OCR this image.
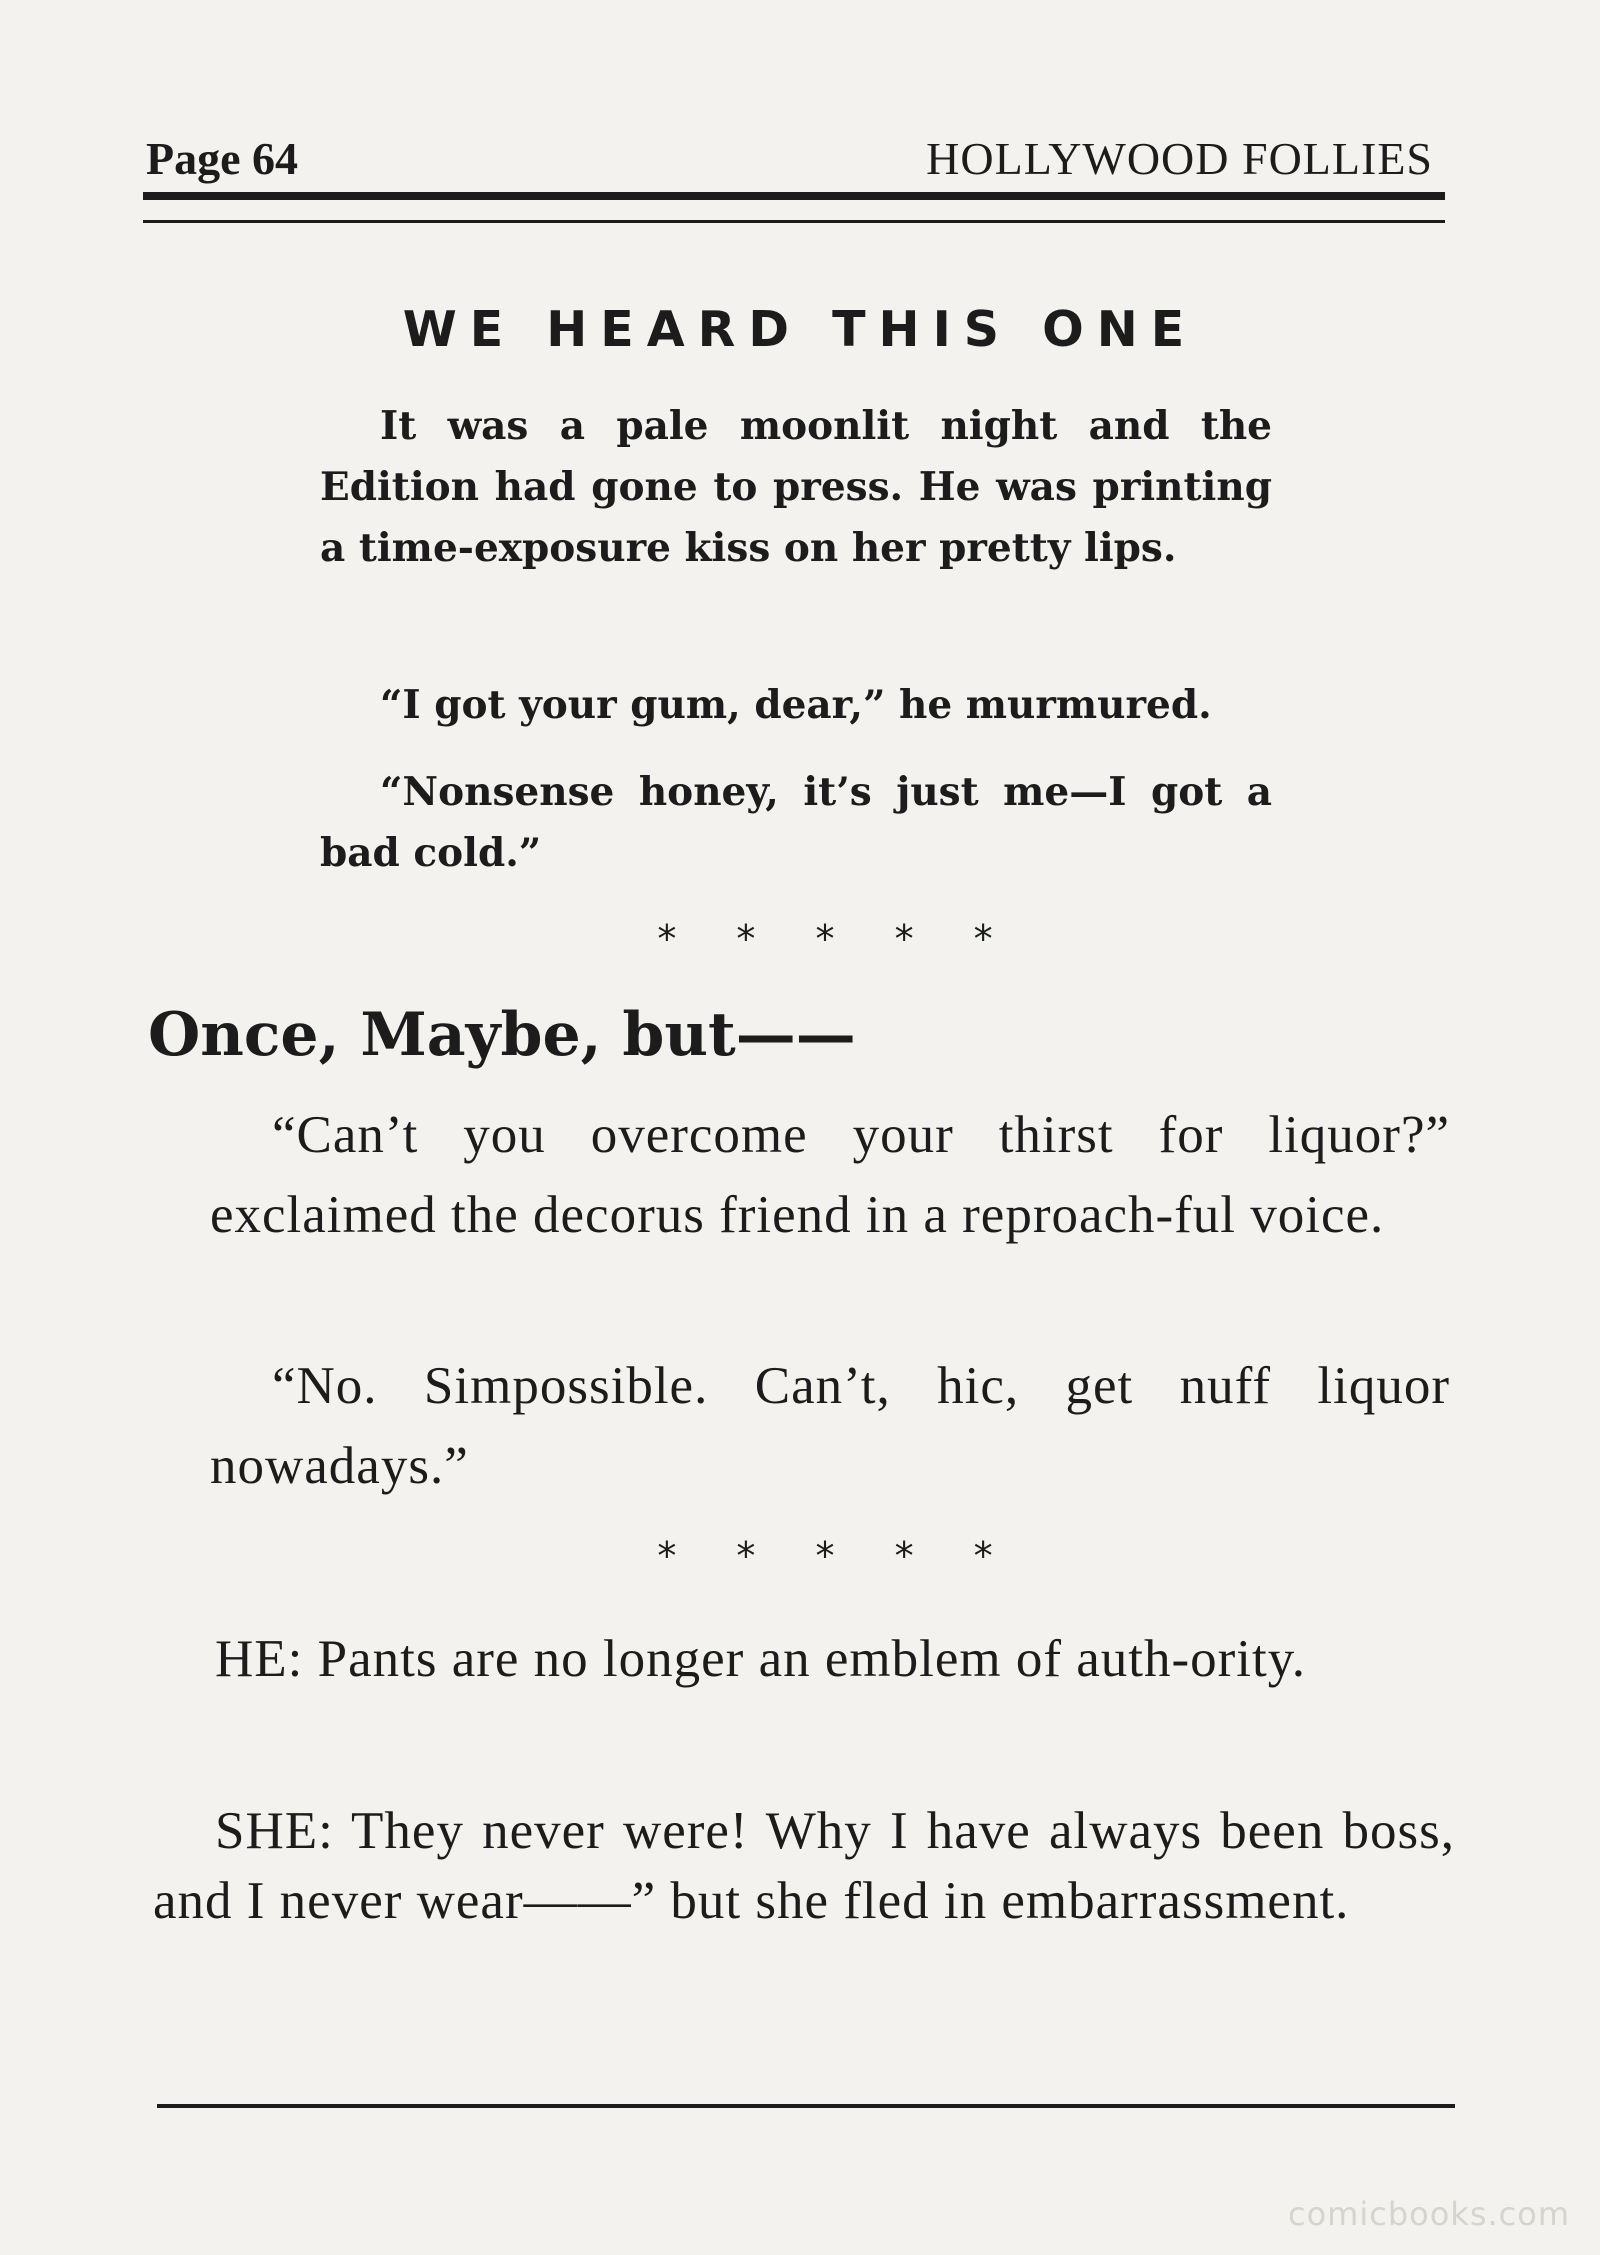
Page 64	HOLLYWOOD FOLLIES
WE HEARD THIS ONE

It was a pale moonlit night and the Edition had gone to press. He was printing a time-exposure kiss on her pretty lips.

“I got your gum, dear,” he murmured.

“Nonsense honey, it’s just me—I got a bad cold.”

* * * * *
Once, Maybe, but——

“Can’t you overcome your thirst for liquor?” exclaimed the decorus friend in a reproach-ful voice.

“No. Simpossible. Can’t, hic, get nuff liquor nowadays.”

* * * * *

HE: Pants are no longer an emblem of auth-ority.

SHE: They never were! Why I have always been boss, and I never wear——” but she fled in embarrassment.

comicbooks.com
